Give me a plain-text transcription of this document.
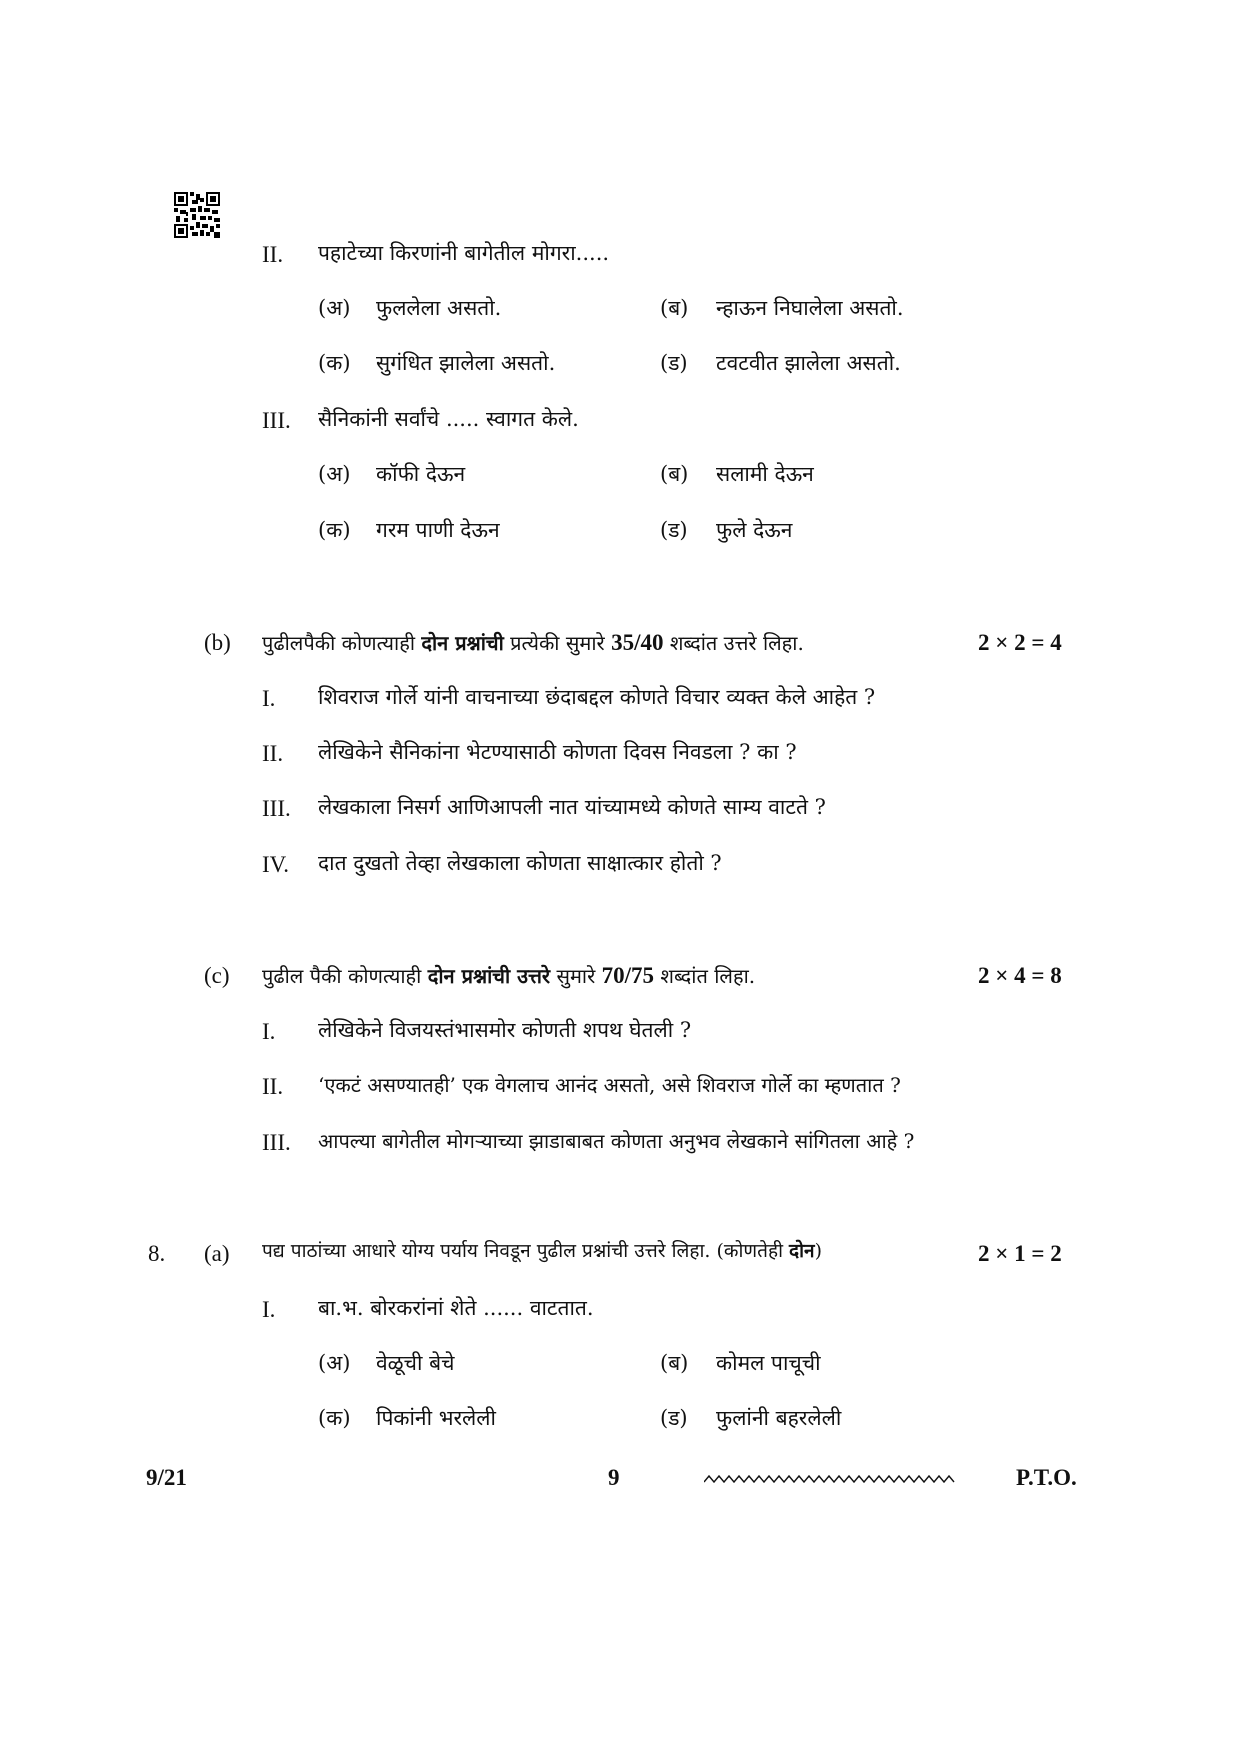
II. पहाटेच्या किरणांनी बागेतील मोगरा.....
(अ) फुललेला असतो.	(ब) न्हाऊन निघालेला असतो.
(क) सुगंधित झालेला असतो.	(ड) टवटवीत झालेला असतो.
III. सैनिकांनी सर्वांचे ..... स्वागत केले.
(अ) कॉफी देऊन	(ब) सलामी देऊन
(क) गरम पाणी देऊन	(ड) फुले देऊन
(b) पुढीलपैकी कोणत्याही दोन प्रश्नांची प्रत्येकी सुमारे 35/40 शब्दांत उत्तरे लिहा.	2 × 2 = 4
I. शिवराज गोर्ले यांनी वाचनाच्या छंदाबद्दल कोणते विचार व्यक्त केले आहेत ?
II. लेखिकेने सैनिकांना भेटण्यासाठी कोणता दिवस निवडला ? का ?
III. लेखकाला निसर्ग आणिआपली नात यांच्यामध्ये कोणते साम्य वाटते ?
IV. दात दुखतो तेव्हा लेखकाला कोणता साक्षात्कार होतो ?
(c) पुढील पैकी कोणत्याही दोन प्रश्नांची उत्तरे सुमारे 70/75 शब्दांत लिहा.	2 × 4 = 8
I. लेखिकेने विजयस्तंभासमोर कोणती शपथ घेतली ?
II. ‘एकटं असण्यातही’ एक वेगलाच आनंद असतो, असे शिवराज गोर्ले का म्हणतात ?
III. आपल्या बागेतील मोगऱ्याच्या झाडाबाबत कोणता अनुभव लेखकाने सांगितला आहे ?
8. (a) पद्य पाठांच्या आधारे योग्य पर्याय निवडून पुढील प्रश्नांची उत्तरे लिहा. (कोणतेही दोन)	2 × 1 = 2
I. बा.भ. बोरकरांनां शेते ...... वाटतात.
(अ) वेळूची बेचे	(ब) कोमल पाचूची
(क) पिकांनी भरलेली	(ड) फुलांनी बहरलेली
9/21	9	P.T.O.
